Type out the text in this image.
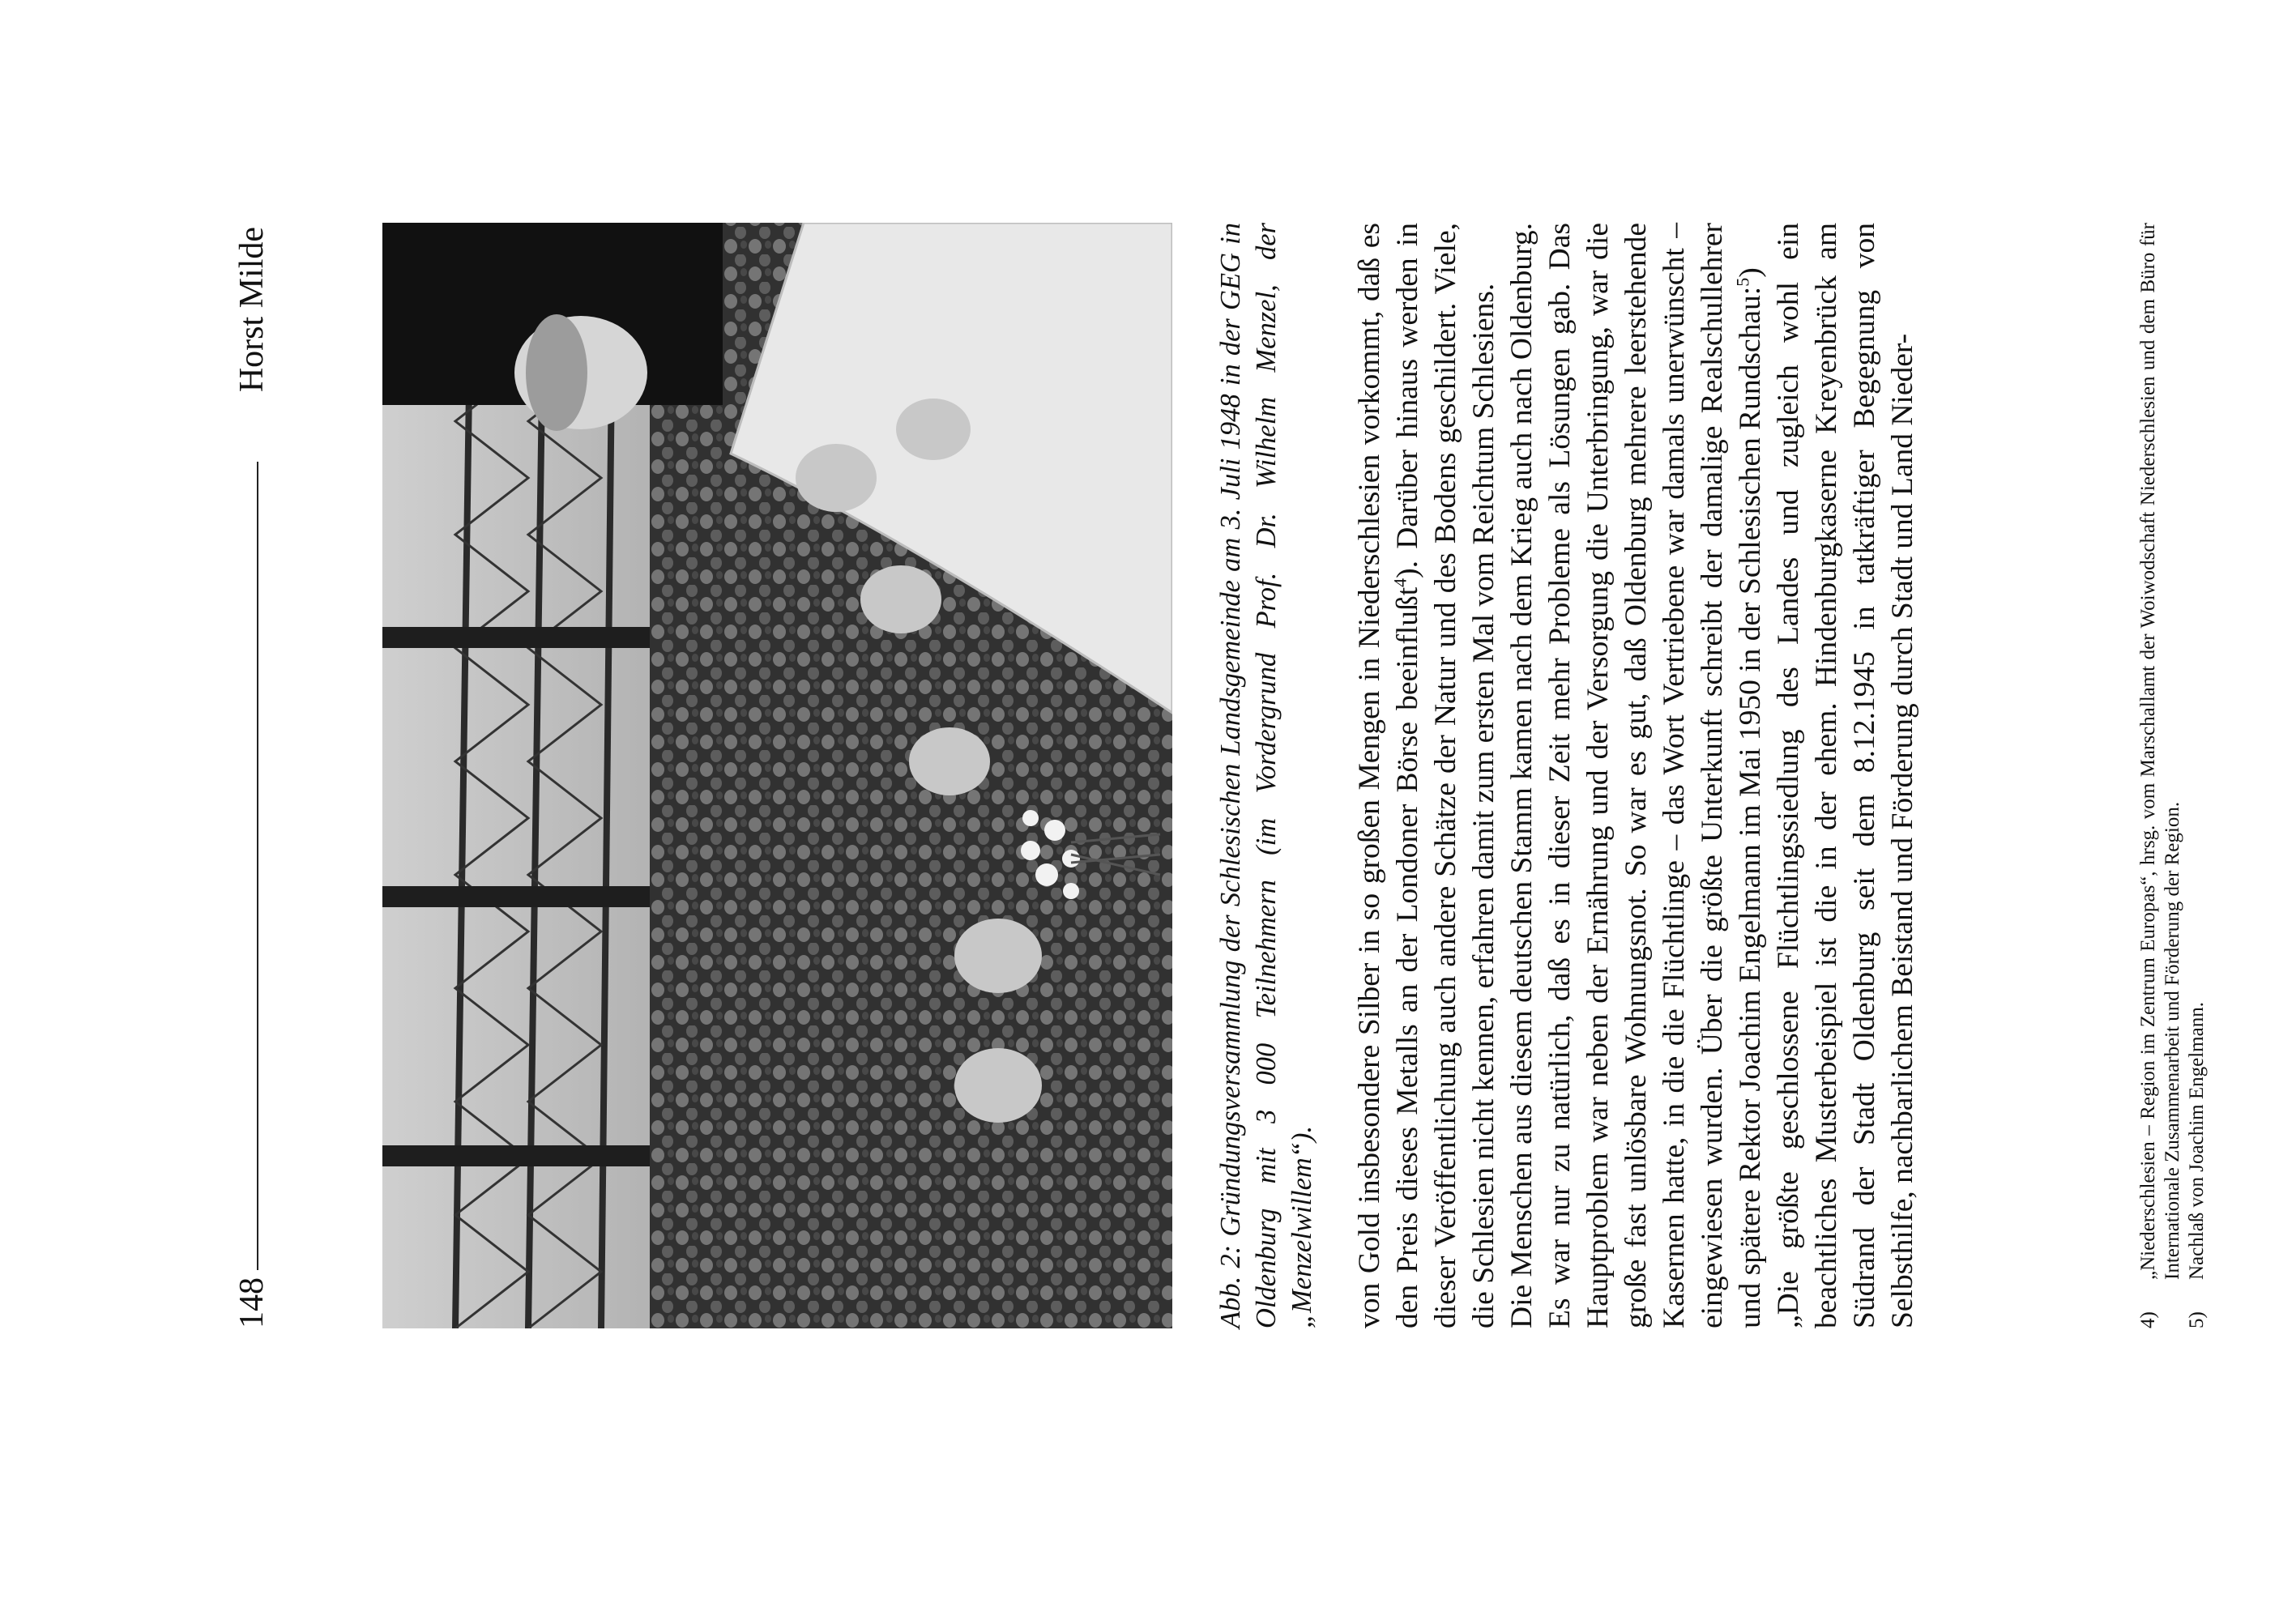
148
Horst Milde	Abb. 2: Gründungsversammlung der Schlesischen Landsgemeinde am 3. Juli 1948 in der GEG in Oldenburg mit 3 000 Teilnehmern (im Vordergrund Prof. Dr. Wilhelm Menzel, der „Menzelwillem“). von Gold insbesondere Silber in so großen Mengen in Niederschlesien vorkommt, daß es den Preis dieses Metalls an der Londoner Börse beeinflußt$^4$). Darüber hinaus werden in dieser Veröffentlichung auch andere Schätze der Natur und des Bodens geschildert. Viele, die Schlesien nicht kennen, erfahren damit zum ersten Mal vom Reichtum Schlesiens. Die Menschen aus diesem deutschen Stamm kamen nach dem Krieg auch nach Oldenburg. Es war nur zu natürlich, daß es in dieser Zeit mehr Probleme als Lösungen gab. Das Hauptproblem war neben der Ernährung und der Versorgung die Unterbringung, war die große fast unlösbare Wohnungsnot. So war es gut, daß Oldenburg mehrere leerstehende Kasernen hatte, in die die Flüchtlinge – das Wort Vertriebene war damals unerwünscht – eingewiesen wurden. Über die größte Unterkunft schreibt der damalige Realschullehrer und spätere Rektor Joachim Engelmann im Mai 1950 in der Schlesischen Rundschau:$^5$) „Die größte geschlossene Flüchtlingssiedlung des Landes und zugleich wohl ein beachtliches Musterbeispiel ist die in der ehem. Hindenburgkaserne Kreyenbrück am Südrand der Stadt Oldenburg seit dem 8.12.1945 in tatkräftiger Begegnung von Selbsthilfe, nachbarlichem Beistand und Förderung durch Stadt und Land Nieder-	4)
„Niederschlesien – Region im Zentrum Europas“, hrsg. vom Marschallamt der Woiwodschaft Niederschlesien und dem Büro für Internationale Zusammenarbeit und Förderung der Region.

5)
Nachlaß von Joachim Engelmann.
